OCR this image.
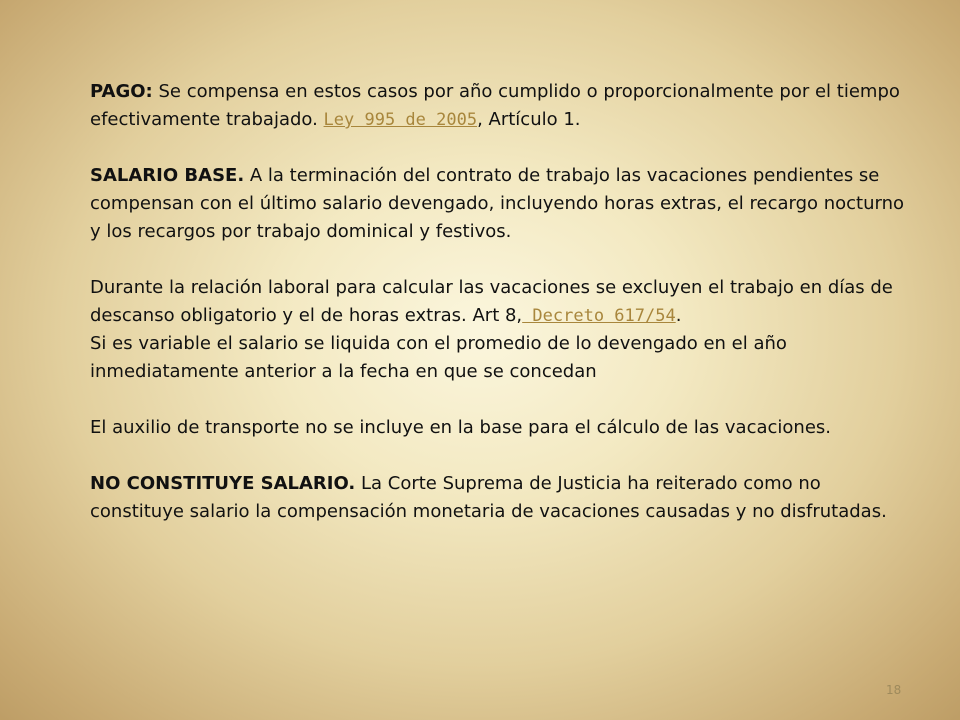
PAGO: Se compensa en estos casos por año cumplido o proporcionalmente por el tiempo efectivamente trabajado. Ley 995 de 2005, Artículo 1.

SALARIO BASE. A la terminación del contrato de trabajo las vacaciones pendientes se compensan con el último salario devengado, incluyendo horas extras, el recargo nocturno y los recargos por trabajo dominical y festivos.

Durante la relación laboral para calcular las vacaciones se excluyen el trabajo en días de descanso obligatorio y el de horas extras. Art 8, Decreto 617/54.

Si es variable el salario se liquida con el promedio de lo devengado en el año inmediatamente anterior a la fecha en que se concedan

El auxilio de transporte no se incluye en la base para el cálculo de las vacaciones.

NO CONSTITUYE SALARIO. La Corte Suprema de Justicia ha reiterado como no constituye salario la compensación monetaria de vacaciones causadas y no disfrutadas.

18
